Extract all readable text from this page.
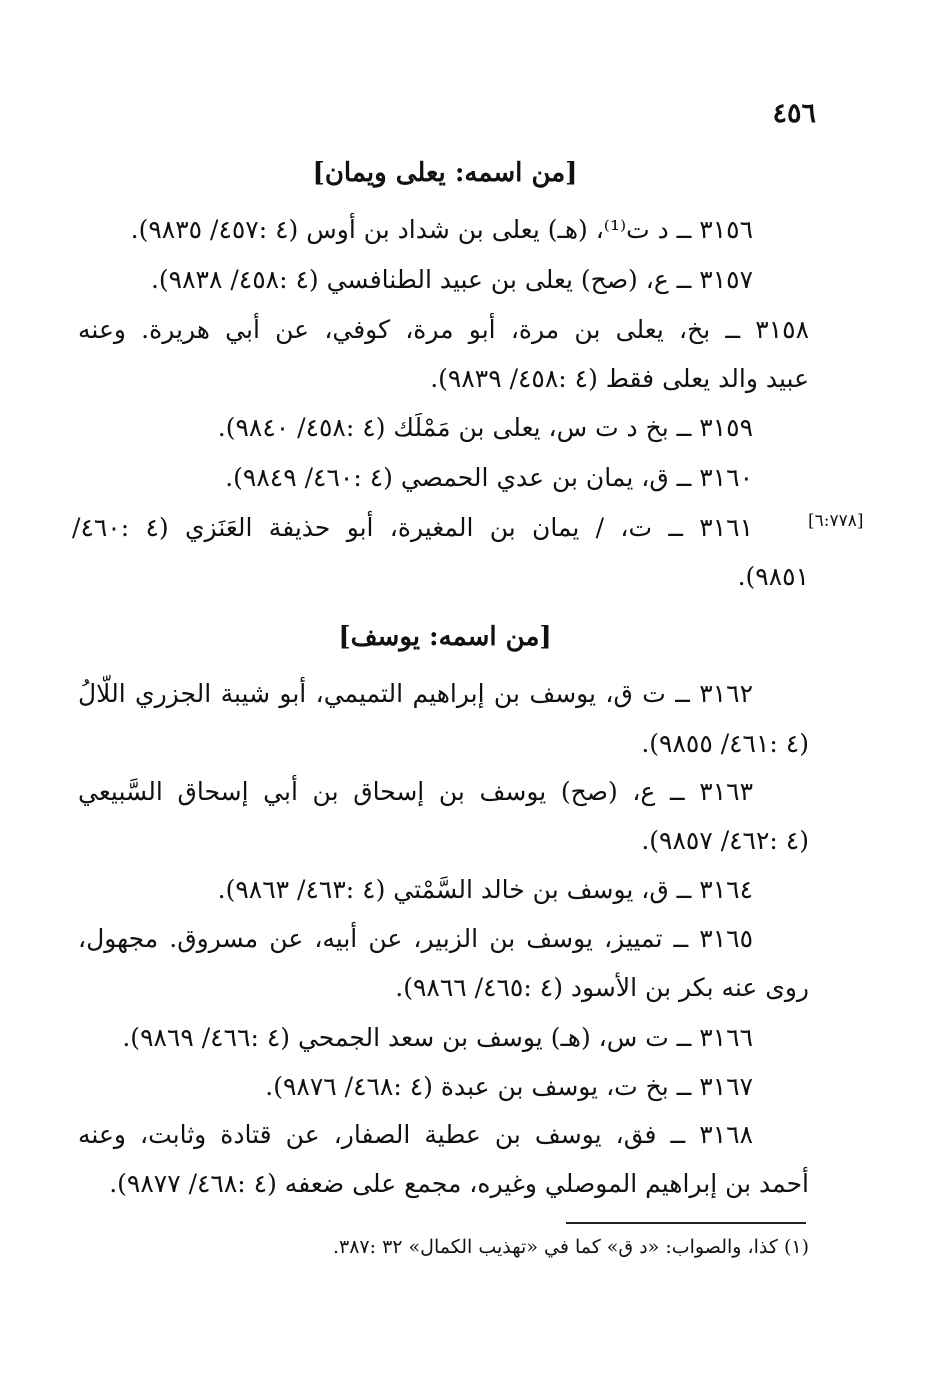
٤٥٦
[من اسمه: يعلى ويمان]
٣١٥٦ ــ د ت⁽¹⁾، (هـ) يعلى بن شداد بن أوس (٤ :٤٥٧/ ٩٨٣٥).
٣١٥٧ ــ ع، (صح) يعلى بن عبيد الطنافسي (٤ :٤٥٨/ ٩٨٣٨).
٣١٥٨ ــ بخ، يعلى بن مرة، أبو مرة، كوفي، عن أبي هريرة. وعنه
عبيد والد يعلى فقط (٤ :٤٥٨/ ٩٨٣٩).
٣١٥٩ ــ بخ د ت س، يعلى بن مَمْلَك (٤ :٤٥٨/ ٩٨٤٠).
٣١٦٠ ــ ق، يمان بن عدي الحمصي (٤ :٤٦٠/ ٩٨٤٩).
٣١٦١ ــ ت، / يمان بن المغيرة، أبو حذيفة العَنَزي (٤ :٤٦٠/	[٦:٧٧٨]
٩٨٥١).
[من اسمه: يوسف]
٣١٦٢ ــ ت ق، يوسف بن إبراهيم التميمي، أبو شيبة الجزري اللّالُ
(٤ :٤٦١/ ٩٨٥٥).
٣١٦٣ ــ ع، (صح) يوسف بن إسحاق بن أبي إسحاق السَّبيعي
(٤ :٤٦٢/ ٩٨٥٧).
٣١٦٤ ــ ق، يوسف بن خالد السَّمْتي (٤ :٤٦٣/ ٩٨٦٣).
٣١٦٥ ــ تمييز، يوسف بن الزبير، عن أبيه، عن مسروق. مجهول،
روى عنه بكر بن الأسود (٤ :٤٦٥/ ٩٨٦٦).
٣١٦٦ ــ ت س، (هـ) يوسف بن سعد الجمحي (٤ :٤٦٦/ ٩٨٦٩).
٣١٦٧ ــ بخ ت، يوسف بن عبدة (٤ :٤٦٨/ ٩٨٧٦).
٣١٦٨ ــ فق، يوسف بن عطية الصفار، عن قتادة وثابت، وعنه
أحمد بن إبراهيم الموصلي وغيره، مجمع على ضعفه (٤ :٤٦٨/ ٩٨٧٧).
(١) كذا، والصواب: «د ق» كما في «تهذيب الكمال» ٣٢ :٣٨٧.
